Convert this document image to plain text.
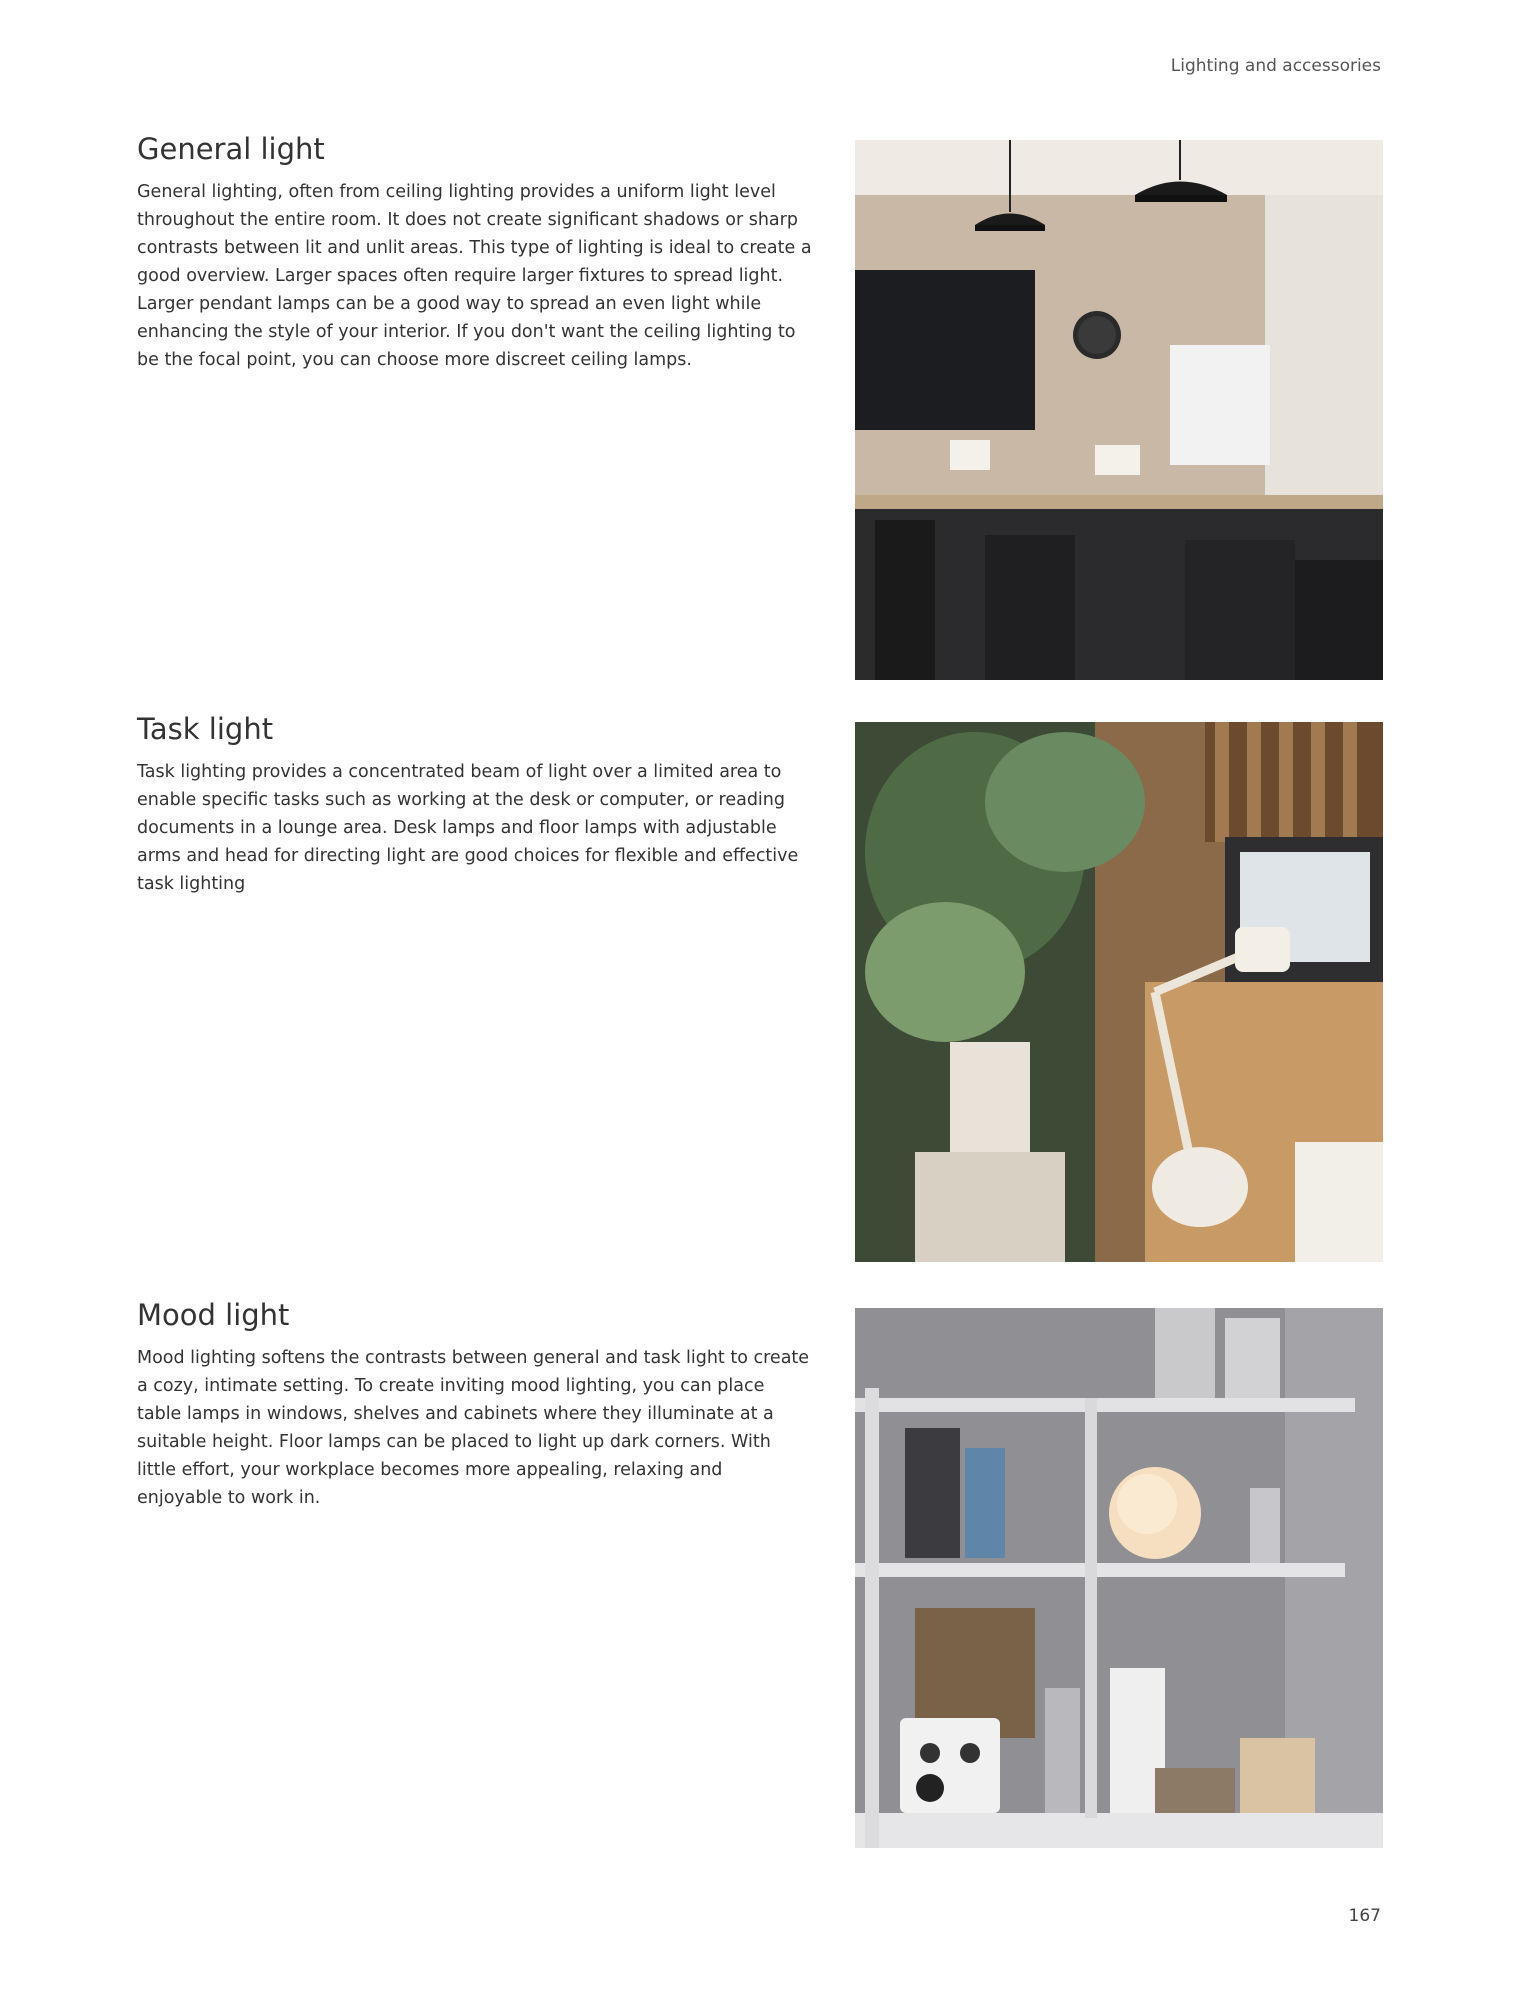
Lighting and accessories
General light

General lighting, often from ceiling lighting provides a uniform light level throughout the entire room. It does not create significant shadows or sharp contrasts between lit and unlit areas. This type of lighting is ideal to create a good overview. Larger spaces often require larger fixtures to spread light. Larger pendant lamps can be a good way to spread an even light while enhancing the style of your interior. If you don't want the ceiling lighting to be the focal point, you can choose more discreet ceiling lamps.

Task light

Task lighting provides a concentrated beam of light over a limited area to enable specific tasks such as working at the desk or computer, or reading documents in a lounge area. Desk lamps and floor lamps with adjustable arms and head for directing light are good choices for flexible and effective task lighting

Mood light

Mood lighting softens the contrasts between general and task light to create a cozy, intimate setting. To create inviting mood lighting, you can place table lamps in windows, shelves and cabinets where they illuminate at a suitable height. Floor lamps can be placed to light up dark corners. With little effort, your workplace becomes more appealing, relaxing and enjoyable to work in.

167
